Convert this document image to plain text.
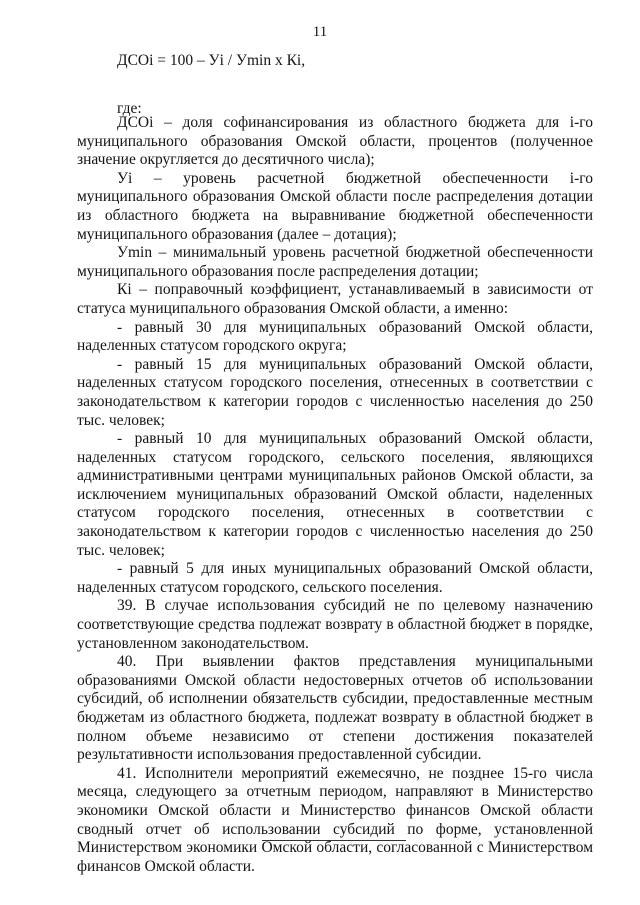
11
ДСОi = 100 – Уi / Уmin x Кi,
где:

ДСОi – доля софинансирования из областного бюджета для i-го муниципального образования Омской области, процентов (полученное значение округляется до десятичного числа);

Уi – уровень расчетной бюджетной обеспеченности i-го муниципального образования Омской области после распределения дотации из областного бюджета на выравнивание бюджетной обеспеченности муниципального образования (далее – дотация);

Уmin – минимальный уровень расчетной бюджетной обеспеченности муниципального образования после распределения дотации;

Кi – поправочный коэффициент, устанавливаемый в зависимости от статуса муниципального образования Омской области, а именно:

- равный 30 для муниципальных образований Омской области, наделенных статусом городского округа;

- равный 15 для муниципальных образований Омской области, наделенных статусом городского поселения, отнесенных в соответствии с законодательством к категории городов с численностью населения до 250 тыс. человек;

- равный 10 для муниципальных образований Омской области, наделенных статусом городского, сельского поселения, являющихся административными центрами муниципальных районов Омской области, за исключением муниципальных образований Омской области, наделенных статусом городского поселения, отнесенных в соответствии с законодательством к категории городов с численностью населения до 250 тыс. человек;

- равный 5 для иных муниципальных образований Омской области, наделенных статусом городского, сельского поселения.

39. В случае использования субсидий не по целевому назначению соответствующие средства подлежат возврату в областной бюджет в порядке, установленном законодательством.

40. При выявлении фактов представления муниципальными образованиями Омской области недостоверных отчетов об использовании субсидий, об исполнении обязательств субсидии, предоставленные местным бюджетам из областного бюджета, подлежат возврату в областной бюджет в полном объеме независимо от степени достижения показателей результативности использования предоставленной субсидии.

41. Исполнители мероприятий ежемесячно, не позднее 15-го числа месяца, следующего за отчетным периодом, направляют в Министерство экономики Омской области и Министерство финансов Омской области сводный отчет об использовании субсидий по форме, установленной Министерством экономики Омской области, согласованной с Министерством финансов Омской области.
